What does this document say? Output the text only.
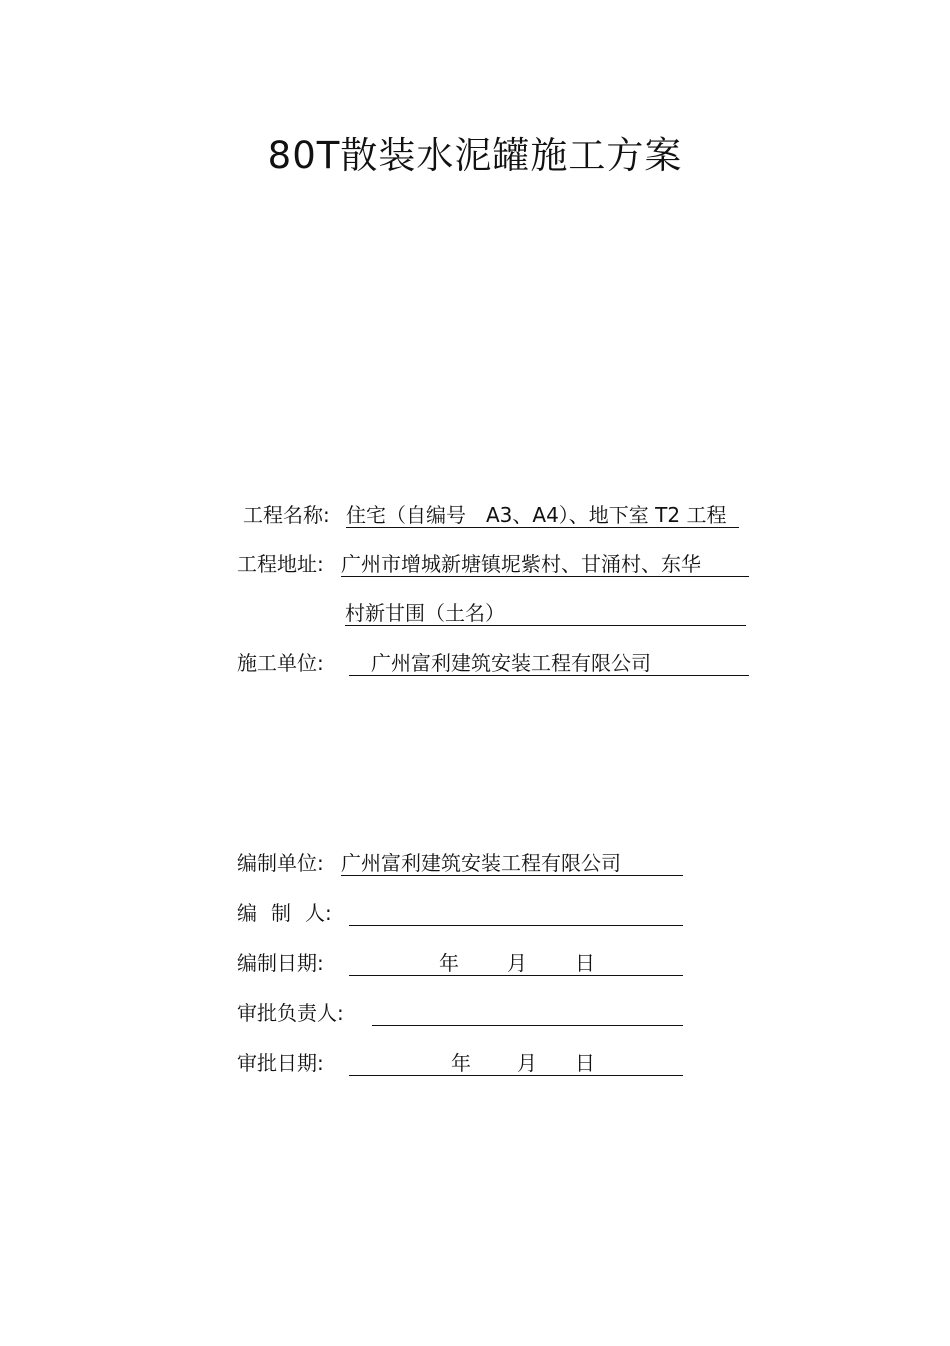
80T散装水泥罐施工方案
工程名称: 住宅（自编号　A3、A4）、地下室 T2 工程
工程地址: 广州市增城新塘镇坭紫村、甘涌村、东华
村新甘围（土名）
施工单位: 广州富利建筑安装工程有限公司
编制单位: 广州富利建筑安装工程有限公司
编 制 人:
编制日期:	年 月 日
审批负责人:
审批日期:	年 月 日
